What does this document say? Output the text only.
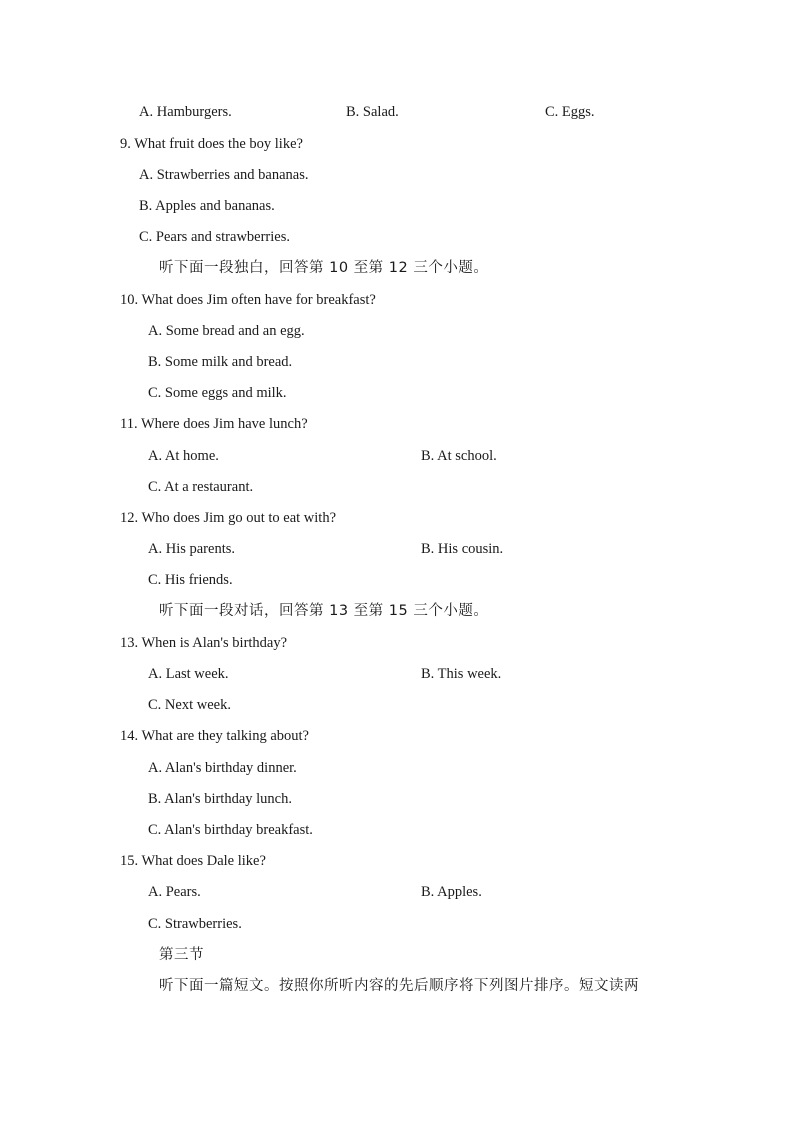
A. Hamburgers.	B. Salad.	C. Eggs.
9. What fruit does the boy like?
A. Strawberries and bananas.
B. Apples and bananas.
C. Pears and strawberries.
听下面一段独白，回答第 10 至第 12 三个小题。
10. What does Jim often have for breakfast?
A. Some bread and an egg.
B. Some milk and bread.
C. Some eggs and milk.
11. Where does Jim have lunch?
A. At home.	B. At school.
C. At a restaurant.
12. Who does Jim go out to eat with?
A. His parents.	B. His cousin.
C. His friends.
听下面一段对话，回答第 13 至第 15 三个小题。
13. When is Alan's birthday?
A. Last week.	B. This week.
C. Next week.
14. What are they talking about?
A. Alan's birthday dinner.
B. Alan's birthday lunch.
C. Alan's birthday breakfast.
15. What does Dale like?
A. Pears.	B. Apples.
C. Strawberries.
第三节
听下面一篇短文。按照你所听内容的先后顺序将下列图片排序。短文读两
